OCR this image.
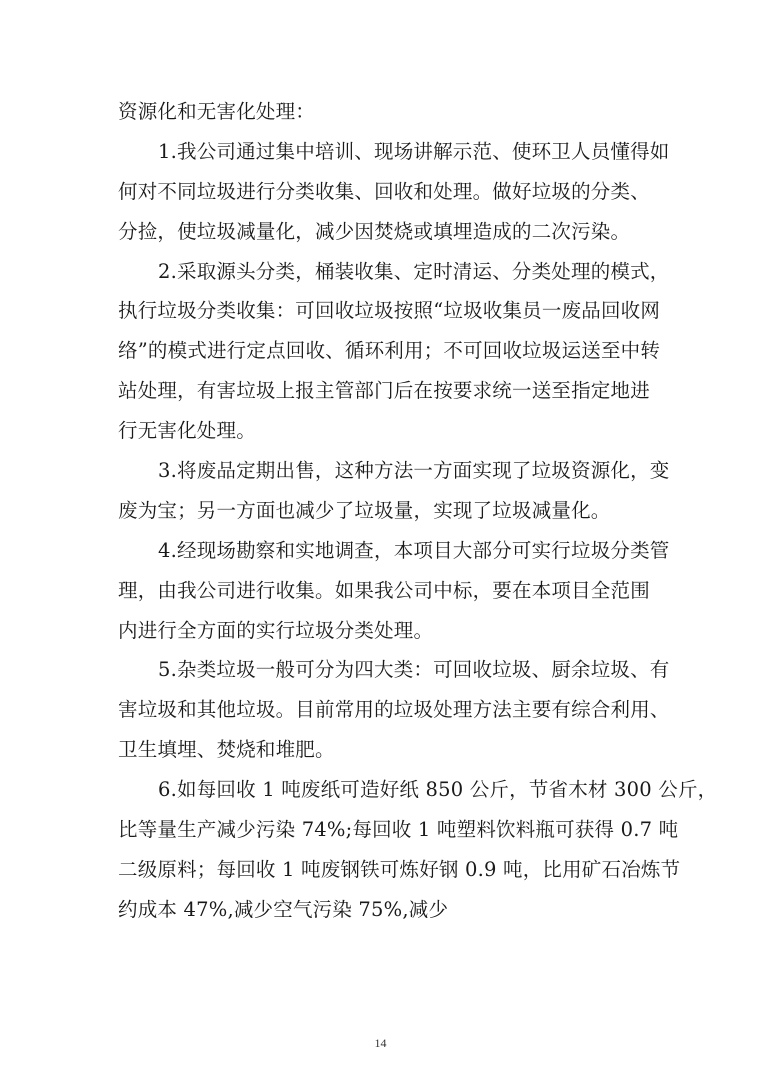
资源化和无害化处理：
1.我公司通过集中培训、现场讲解示范、使环卫人员懂得如
何对不同垃圾进行分类收集、回收和处理。做好垃圾的分类、
分捡，使垃圾减量化，减少因焚烧或填埋造成的二次污染。
2.采取源头分类，桶装收集、定时清运、分类处理的模式，
执行垃圾分类收集：可回收垃圾按照“垃圾收集员一废品回收网
络”的模式进行定点回收、循环利用；不可回收垃圾运送至中转
站处理，有害垃圾上报主管部门后在按要求统一送至指定地进
行无害化处理。
3.将废品定期出售，这种方法一方面实现了垃圾资源化，变
废为宝；另一方面也减少了垃圾量，实现了垃圾减量化。
4.经现场勘察和实地调查，本项目大部分可实行垃圾分类管
理，由我公司进行收集。如果我公司中标，要在本项目全范围
内进行全方面的实行垃圾分类处理。
5.杂类垃圾一般可分为四大类：可回收垃圾、厨余垃圾、有
害垃圾和其他垃圾。目前常用的垃圾处理方法主要有综合利用、
卫生填埋、焚烧和堆肥。
6.如每回收 1 吨废纸可造好纸 850 公斤，节省木材 300 公斤，
比等量生产减少污染 74%;每回收 1 吨塑料饮料瓶可获得 0.7 吨
二级原料；每回收 1 吨废钢铁可炼好钢 0.9 吨，比用矿石冶炼节
约成本 47%,减少空气污染 75%,减少
14
